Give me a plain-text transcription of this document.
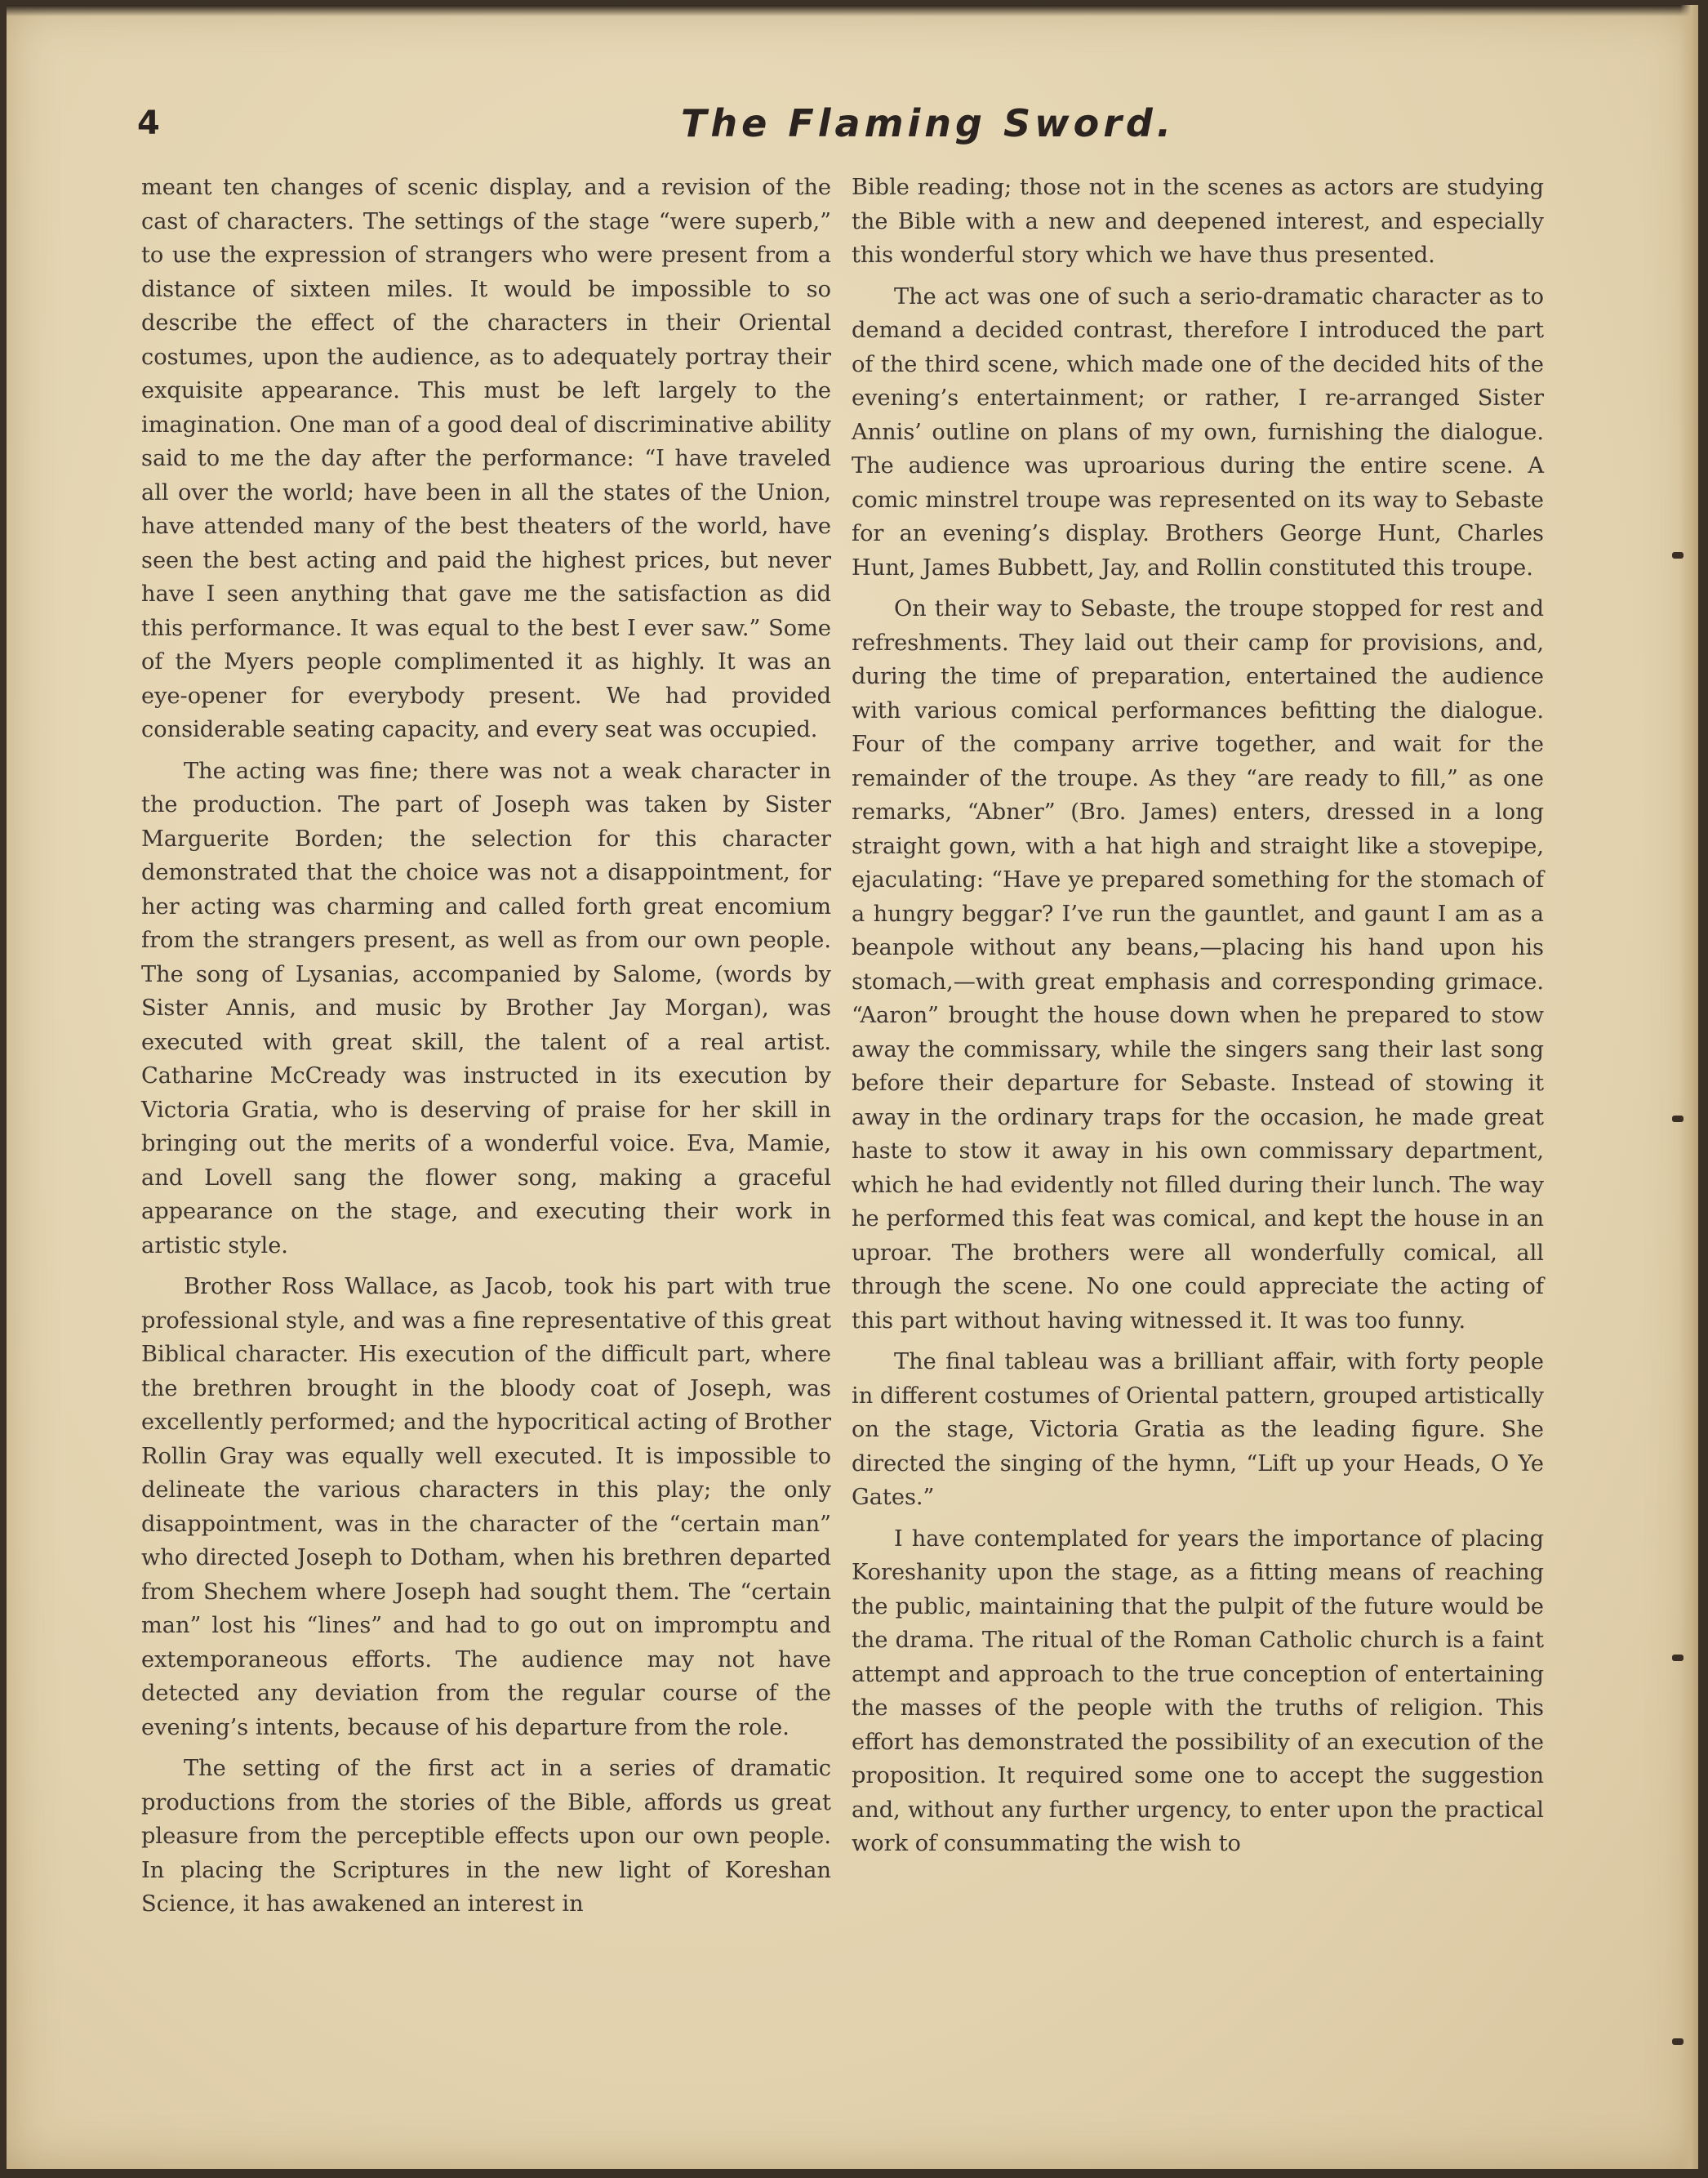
4	The Flaming Sword.

meant ten changes of scenic display, and a revision of the cast of characters. The settings of the stage “were superb,” to use the expression of strangers who were present from a distance of sixteen miles. It would be impossible to so describe the effect of the characters in their Oriental costumes, upon the audience, as to adequately portray their exquisite appearance. This must be left largely to the imagination. One man of a good deal of discriminative ability said to me the day after the performance: “I have traveled all over the world; have been in all the states of the Union, have attended many of the best theaters of the world, have seen the best acting and paid the highest prices, but never have I seen anything that gave me the satisfaction as did this performance. It was equal to the best I ever saw.” Some of the Myers people complimented it as highly. It was an eye-opener for everybody present. We had provided considerable seating capacity, and every seat was occupied.

The acting was fine; there was not a weak character in the production. The part of Joseph was taken by Sister Marguerite Borden; the selection for this character demonstrated that the choice was not a disappointment, for her acting was charming and called forth great encomium from the strangers present, as well as from our own people. The song of Lysanias, accompanied by Salome, (words by Sister Annis, and music by Brother Jay Morgan), was executed with great skill, the talent of a real artist. Catharine McCready was instructed in its execution by Victoria Gratia, who is deserving of praise for her skill in bringing out the merits of a wonderful voice. Eva, Mamie, and Lovell sang the flower song, making a graceful appearance on the stage, and executing their work in artistic style.

Brother Ross Wallace, as Jacob, took his part with true professional style, and was a fine representative of this great Biblical character. His execution of the difficult part, where the brethren brought in the bloody coat of Joseph, was excellently performed; and the hypocritical acting of Brother Rollin Gray was equally well executed. It is impossible to delineate the various characters in this play; the only disappointment, was in the character of the “certain man” who directed Joseph to Dotham, when his brethren departed from Shechem where Joseph had sought them. The “certain man” lost his “lines” and had to go out on impromptu and extemporaneous efforts. The audience may not have detected any deviation from the regular course of the evening’s intents, because of his departure from the role.

The setting of the first act in a series of dramatic productions from the stories of the Bible, affords us great pleasure from the perceptible effects upon our own people. In placing the Scriptures in the new light of Koreshan Science, it has awakened an interest in

Bible reading; those not in the scenes as actors are studying the Bible with a new and deepened interest, and especially this wonderful story which we have thus presented.

The act was one of such a serio-dramatic character as to demand a decided contrast, therefore I introduced the part of the third scene, which made one of the decided hits of the evening’s entertainment; or rather, I re-arranged Sister Annis’ outline on plans of my own, furnishing the dialogue. The audience was uproarious during the entire scene. A comic minstrel troupe was represented on its way to Sebaste for an evening’s display. Brothers George Hunt, Charles Hunt, James Bubbett, Jay, and Rollin constituted this troupe.

On their way to Sebaste, the troupe stopped for rest and refreshments. They laid out their camp for provisions, and, during the time of preparation, entertained the audience with various comical performances befitting the dialogue. Four of the company arrive together, and wait for the remainder of the troupe. As they “are ready to fill,” as one remarks, “Abner” (Bro. James) enters, dressed in a long straight gown, with a hat high and straight like a stovepipe, ejaculating: “Have ye prepared something for the stomach of a hungry beggar? I’ve run the gauntlet, and gaunt I am as a beanpole without any beans,—placing his hand upon his stomach,—with great emphasis and corresponding grimace. “Aaron” brought the house down when he prepared to stow away the commissary, while the singers sang their last song before their departure for Sebaste. Instead of stowing it away in the ordinary traps for the occasion, he made great haste to stow it away in his own commissary department, which he had evidently not filled during their lunch. The way he performed this feat was comical, and kept the house in an uproar. The brothers were all wonderfully comical, all through the scene. No one could appreciate the acting of this part without having witnessed it. It was too funny.

The final tableau was a brilliant affair, with forty people in different costumes of Oriental pattern, grouped artistically on the stage, Victoria Gratia as the leading figure. She directed the singing of the hymn, “Lift up your Heads, O Ye Gates.”

I have contemplated for years the importance of placing Koreshanity upon the stage, as a fitting means of reaching the public, maintaining that the pulpit of the future would be the drama. The ritual of the Roman Catholic church is a faint attempt and approach to the true conception of entertaining the masses of the people with the truths of religion. This effort has demonstrated the possibility of an execution of the proposition. It required some one to accept the suggestion and, without any further urgency, to enter upon the practical work of consummating the wish to
